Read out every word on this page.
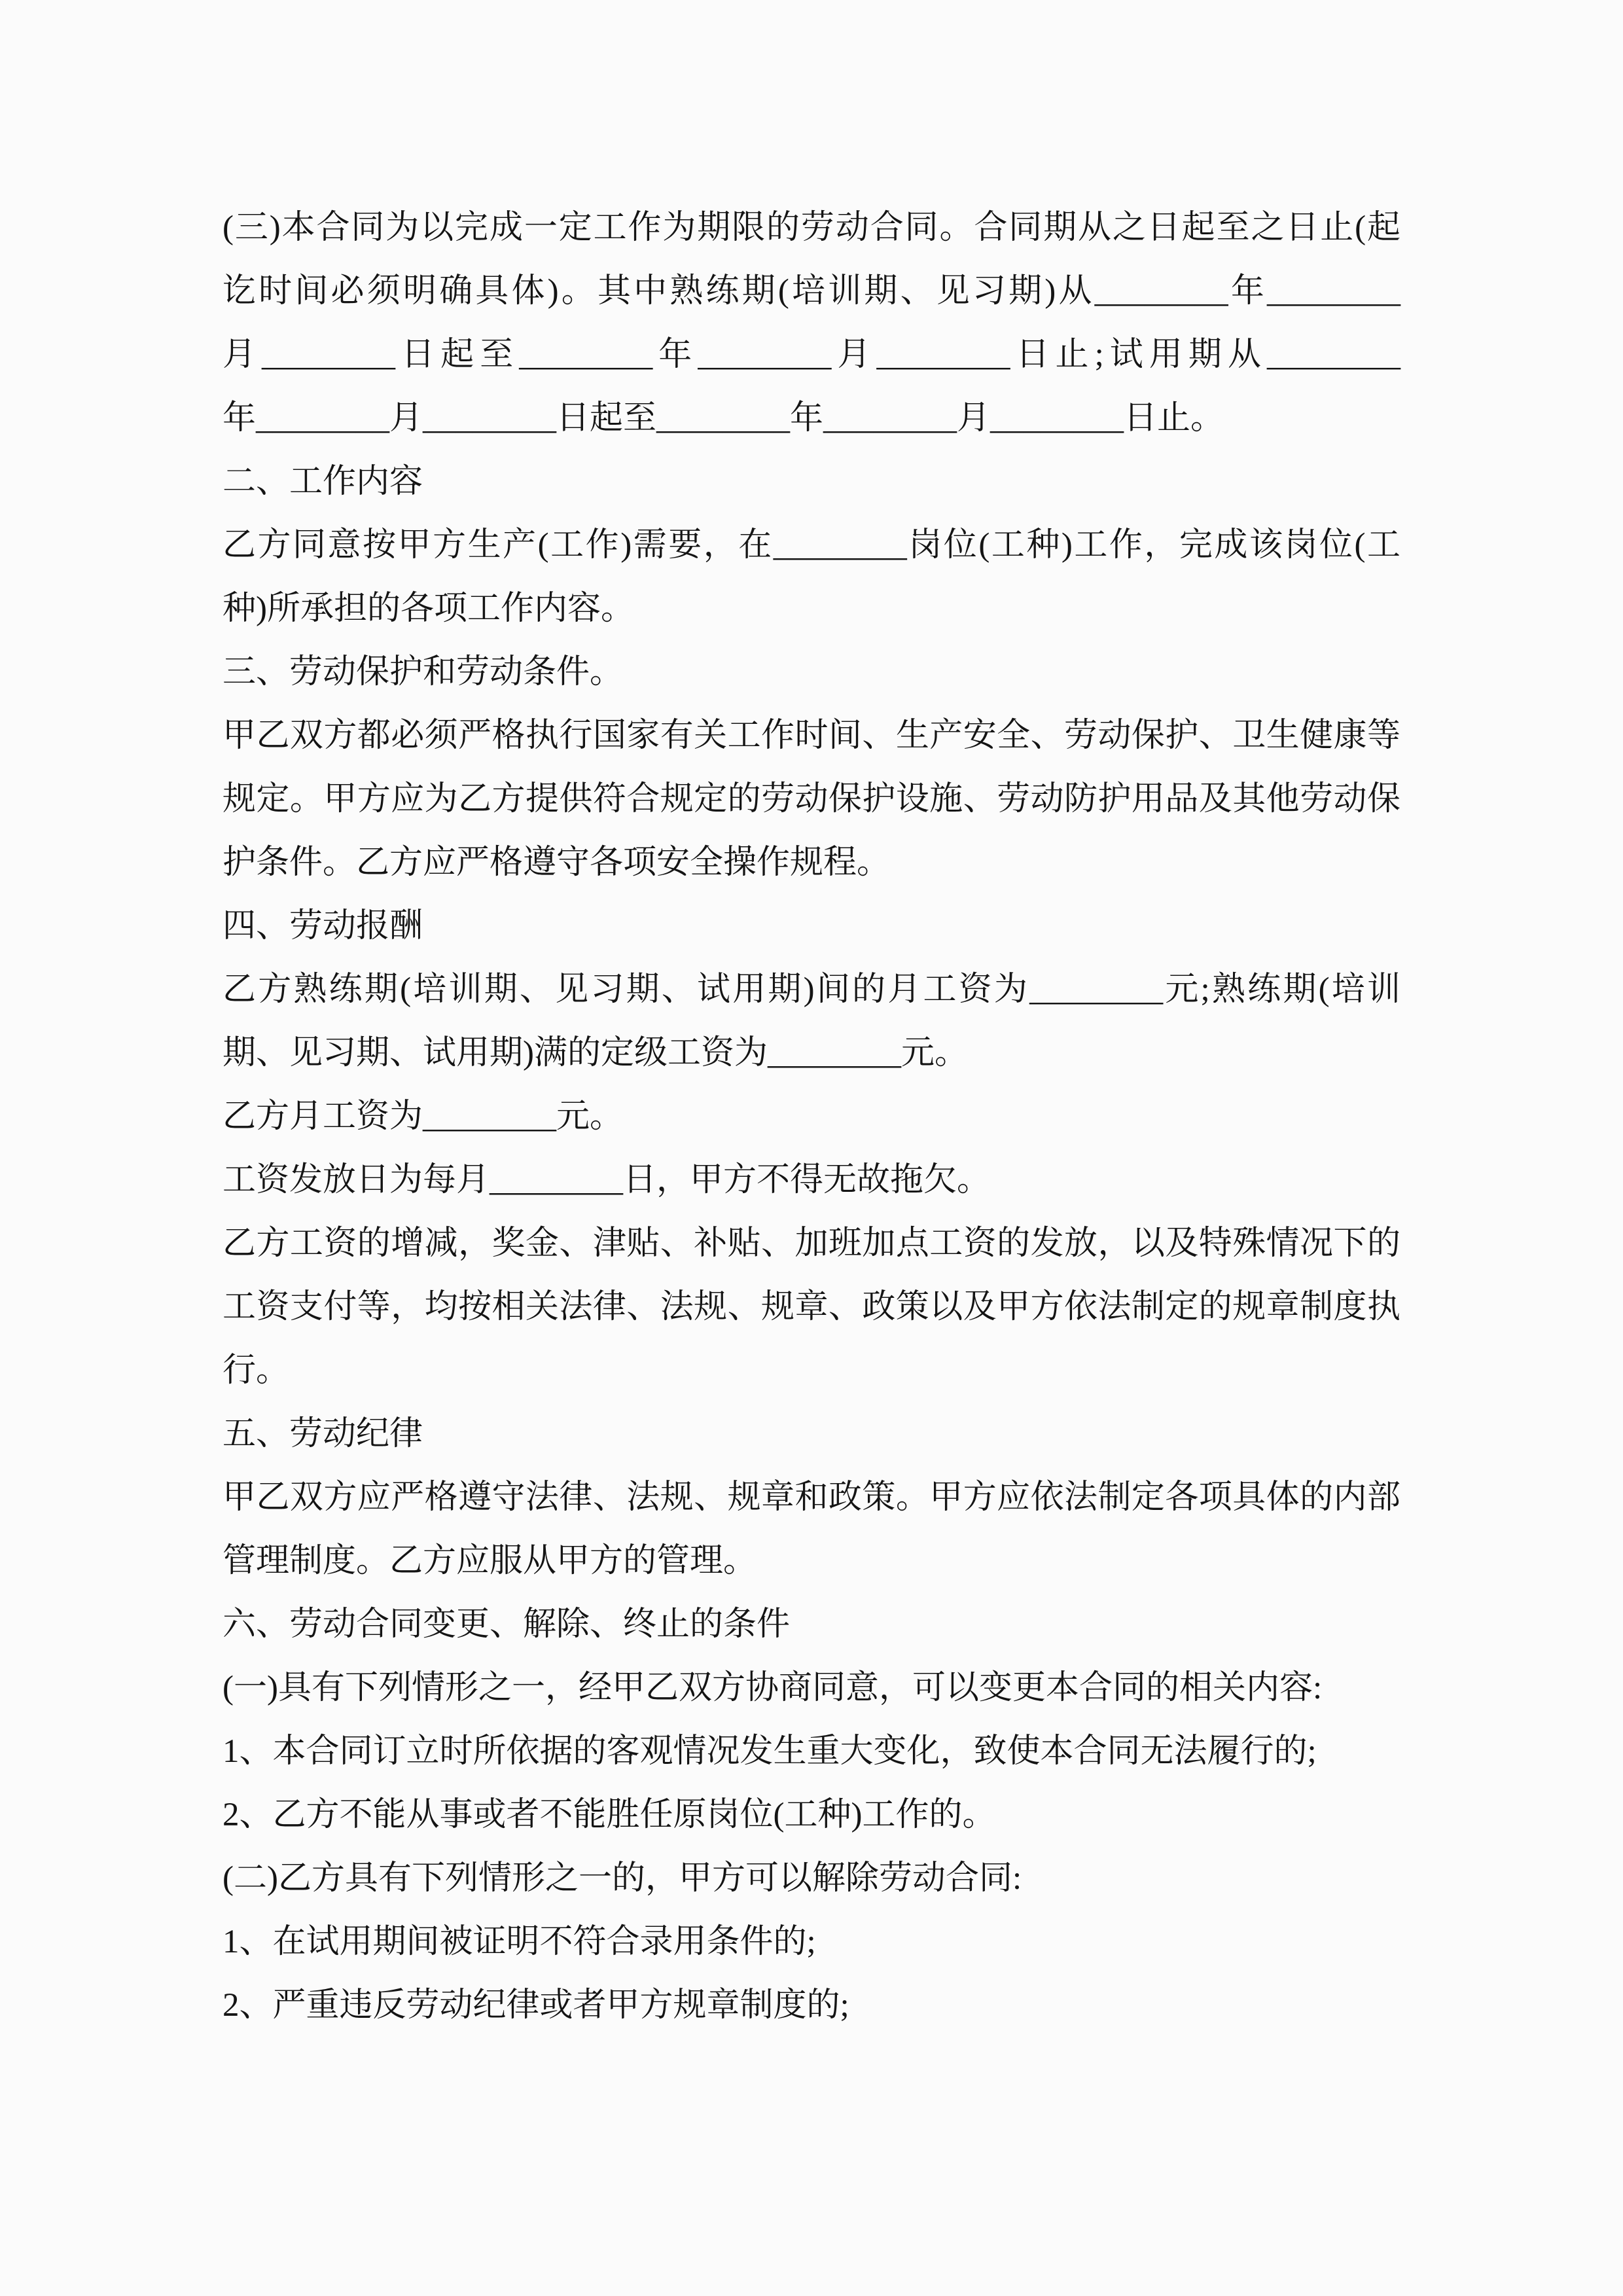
(三)本合同为以完成一定工作为期限的劳动合同。合同期从之日起至之日止(起
讫时间必须明确具体)。其中熟练期(培训期、见习期)从________年________
月________日起至________年________月________日止;试用期从________
年________月________日起至________年________月________日止。
二、工作内容
乙方同意按甲方生产(工作)需要，在________岗位(工种)工作，完成该岗位(工
种)所承担的各项工作内容。
三、劳动保护和劳动条件。
甲乙双方都必须严格执行国家有关工作时间、生产安全、劳动保护、卫生健康等
规定。甲方应为乙方提供符合规定的劳动保护设施、劳动防护用品及其他劳动保
护条件。乙方应严格遵守各项安全操作规程。
四、劳动报酬
乙方熟练期(培训期、见习期、试用期)间的月工资为________元;熟练期(培训
期、见习期、试用期)满的定级工资为________元。
乙方月工资为________元。
工资发放日为每月________日，甲方不得无故拖欠。
乙方工资的增减，奖金、津贴、补贴、加班加点工资的发放，以及特殊情况下的
工资支付等，均按相关法律、法规、规章、政策以及甲方依法制定的规章制度执
行。
五、劳动纪律
甲乙双方应严格遵守法律、法规、规章和政策。甲方应依法制定各项具体的内部
管理制度。乙方应服从甲方的管理。
六、劳动合同变更、解除、终止的条件
(一)具有下列情形之一，经甲乙双方协商同意，可以变更本合同的相关内容:
1、本合同订立时所依据的客观情况发生重大变化，致使本合同无法履行的;
2、乙方不能从事或者不能胜任原岗位(工种)工作的。
(二)乙方具有下列情形之一的，甲方可以解除劳动合同:
1、在试用期间被证明不符合录用条件的;
2、严重违反劳动纪律或者甲方规章制度的;
